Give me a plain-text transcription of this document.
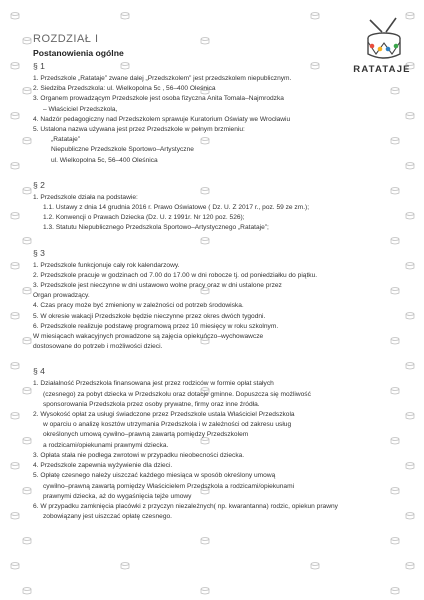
RATATAJE
ROZDZIAŁ I
Postanowienia ogólne
§ 1
1. Przedszkole „Ratataje” zwane dalej „Przedszkolem” jest przedszkolem niepublicznym.
2. Siedziba Przedszkola: ul. Wielkopolna 5c , 56–400 Oleśnica
3. Organem prowadzącym Przedszkole jest osoba fizyczna Anita Tomala–Najmrodzka
– Właściciel Przedszkola,
4. Nadzór pedagogiczny nad Przedszkolem sprawuje Kuratorium Oświaty we Wrocławiu
5. Ustalona nazwa używana jest przez Przedszkole w pełnym brzmieniu:
„Ratataje”
Niepubliczne Przedszkole Sportowo–Artystyczne
ul. Wielkopolna 5c, 56–400 Oleśnica
§ 2
1. Przedszkole działa na podstawie:
1.1. Ustawy z dnia 14 grudnia 2016 r. Prawo Oświatowe ( Dz. U. Z 2017 r., poz. 59 ze zm.);
1.2. Konwencji o Prawach Dziecka (Dz. U. z 1991r. Nr 120 poz. 526);
1.3. Statutu Niepublicznego Przedszkola Sportowo–Artystycznego „Ratataje”;
§ 3
1. Przedszkole funkcjonuje cały rok kalendarzowy.
2. Przedszkole pracuje w godzinach od 7.00 do 17.00 w dni robocze tj. od poniedziałku do piątku.
3. Przedszkole jest nieczynne w dni ustawowo wolne pracy oraz w dni ustalone przez
Organ prowadzący.
4. Czas pracy może być zmieniony w zależności od potrzeb środowiska.
5. W okresie wakacji Przedszkole będzie nieczynne przez okres dwóch tygodni.
6. Przedszkole realizuje podstawę programową przez 10 miesięcy w roku szkolnym.
W miesiącach wakacyjnych prowadzone są zajęcia opiekuńczo–wychowawcze
dostosowane do potrzeb i możliwości dzieci.
§ 4
1. Działalność Przedszkola finansowana jest przez rodziców w formie opłat stałych
(czesnego) za pobyt dziecka w Przedszkolu oraz dotacje gminne. Dopuszcza się możliwość
sponsorowania Przedszkola przez osoby prywatne, firmy oraz inne źródła.
2. Wysokość opłat za usługi świadczone przez Przedszkole ustala Właściciel Przedszkola
w oparciu o analizę kosztów utrzymania Przedszkola i w zależności od zakresu usług
określonych umową cywilno–prawną zawartą pomiędzy Przedszkolem
a rodzicami/opiekunami prawnymi dziecka.
3. Opłata stała nie podlega zwrotowi w przypadku nieobecności dziecka.
4. Przedszkole zapewnia wyżywienie dla dzieci.
5. Opłatę czesnego należy uiszczać każdego miesiąca w sposób określony umową
cywilno–prawną zawartą pomiędzy Właścicielem Przedszkola a rodzicami/opiekunami
prawnymi dziecka, aż do wygaśnięcia tejże umowy
6. W przypadku zamknięcia placówki z przyczyn niezależnych( np. kwarantanna) rodzic, opiekun prawny
zobowiązany jest uiszczać opłatę czesnego.
